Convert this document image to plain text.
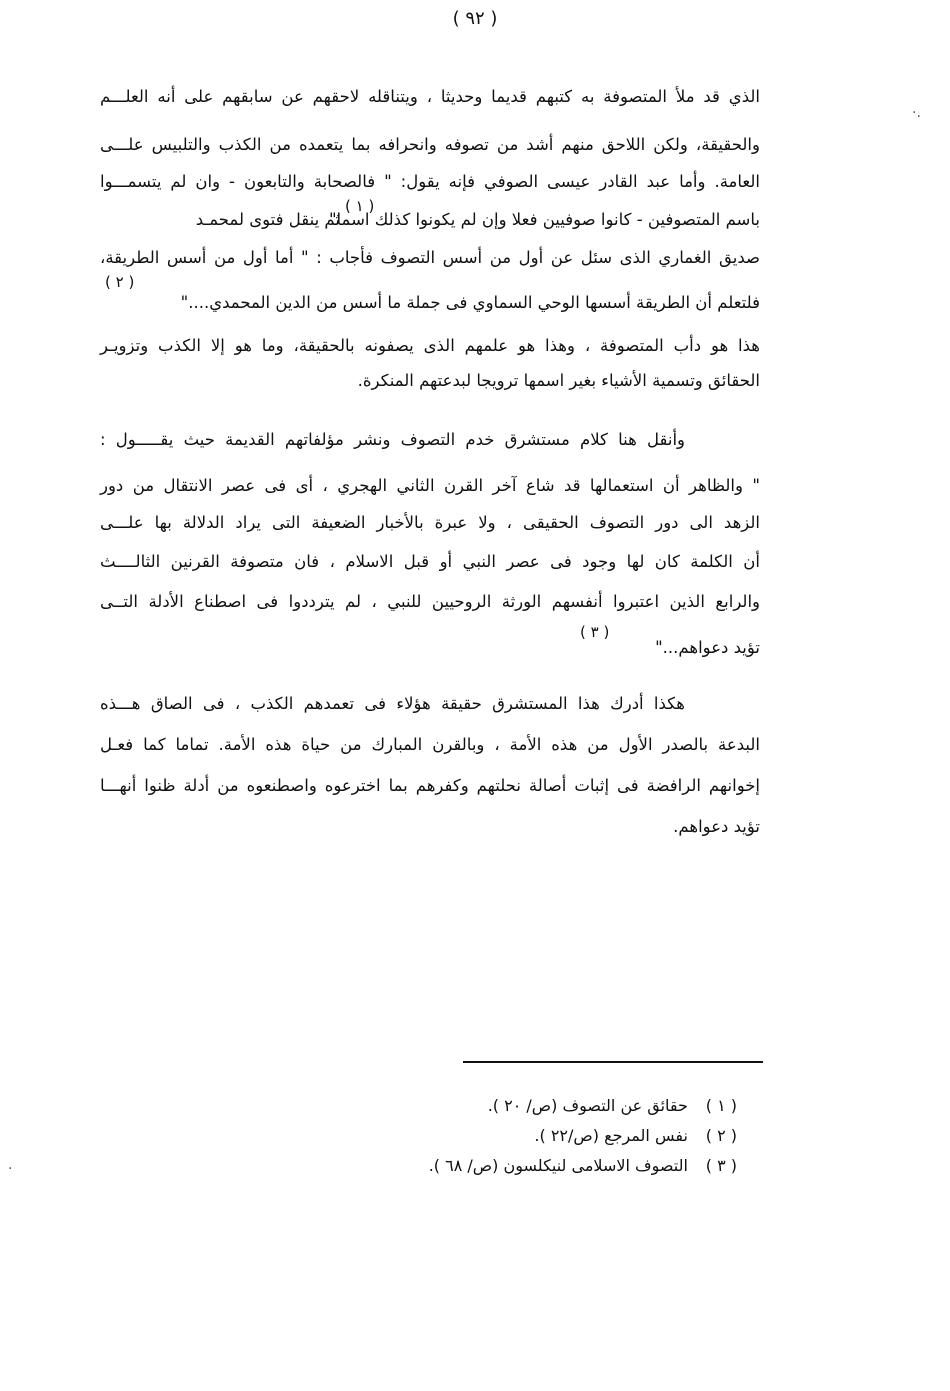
( ٩٢ )
·.
.
الذي قد ملأ المتصوفة به كتبهم قديما وحديثا ، ويتناقله لاحقهم عن سابقهم على أنه العلـــم
والحقيقة، ولكن اللاحق منهم أشد من تصوفه وانحرافه بما يتعمده من الكذب والتلبيس علـــى
العامة. وأما عبد القادر عيسى الصوفي فإنه يقول: " فالصحابة والتابعون - وان لم يتسمـــوا
باسم المتصوفين - كانوا صوفيين فعلا وإن لم يكونوا كذلك اسما"
( ١ )
ثم ينقل فتوى لمحمـد
صديق الغماري الذى سئل عن أول من أسس التصوف فأجاب : " أما أول من أسس الطريقة،
فلتعلم أن الطريقة أسسها الوحي السماوي فى جملة ما أسس من الدين المحمدي...."
( ٢ )
هذا هو دأب المتصوفة ، وهذا هو علمهم الذى يصفونه بالحقيقة، وما هو إلا الكذب وتزويـر
الحقائق وتسمية الأشياء بغير اسمها ترويجا لبدعتهم المنكرة.
وأنقل هنا كلام مستشرق خدم التصوف ونشر مؤلفاتهم القديمة حيث يقـــــول :
" والظاهر أن استعمالها قد شاع آخر القرن الثاني الهجري ، أى فى عصر الانتقال من دور
الزهد الى دور التصوف الحقيقى ، ولا عبرة بالأخبار الضعيفة التى يراد الدلالة بها علـــى
أن الكلمة كان لها وجود فى عصر النبي أو قبل الاسلام ، فان متصوفة القرنين الثالــــث
والرابع الذين اعتبروا أنفسهم الورثة الروحيين للنبي ، لم يترددوا فى اصطناع الأدلة التــى
تؤيد دعواهم..."
( ٣ )
هكذا أدرك هذا المستشرق حقيقة هؤلاء فى تعمدهم الكذب ، فى الصاق هـــذه
البدعة بالصدر الأول من هذه الأمة ، وبالقرن المبارك من حياة هذه الأمة. تماما كما فعـل
إخوانهم الرافضة فى إثبات أصالة نحلتهم وكفرهم بما اخترعوه واصطنعوه من أدلة ظنوا أنهـــا
تؤيد دعواهم.
( ١ ) حقائق عن التصوف (ص/ ٢٠ ).
( ٢ ) نفس المرجع (ص/٢٢ ).
( ٣ ) التصوف الاسلامى لنيكلسون (ص/ ٦٨ ).
